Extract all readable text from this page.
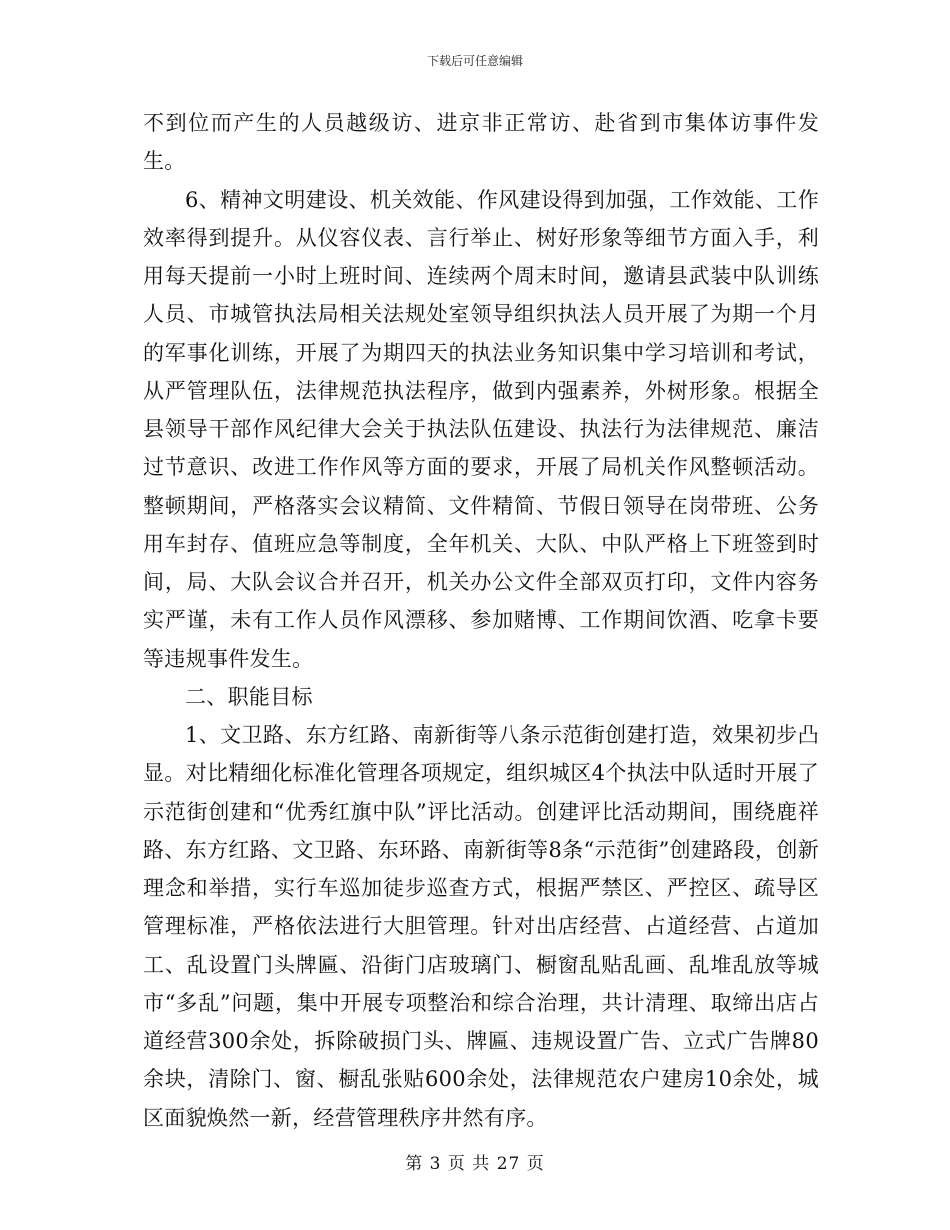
下载后可任意编辑

不到位而产生的人员越级访、进京非正常访、赴省到市集体访事件发生。

6、精神文明建设、机关效能、作风建设得到加强，工作效能、工作效率得到提升。从仪容仪表、言行举止、树好形象等细节方面入手，利用每天提前一小时上班时间、连续两个周末时间，邀请县武装中队训练人员、市城管执法局相关法规处室领导组织执法人员开展了为期一个月的军事化训练，开展了为期四天的执法业务知识集中学习培训和考试，从严管理队伍，法律规范执法程序，做到内强素养，外树形象。根据全县领导干部作风纪律大会关于执法队伍建设、执法行为法律规范、廉洁过节意识、改进工作作风等方面的要求，开展了局机关作风整顿活动。整顿期间，严格落实会议精简、文件精简、节假日领导在岗带班、公务用车封存、值班应急等制度，全年机关、大队、中队严格上下班签到时间，局、大队会议合并召开，机关办公文件全部双页打印，文件内容务实严谨，未有工作人员作风漂移、参加赌博、工作期间饮酒、吃拿卡要等违规事件发生。

二、职能目标

1、文卫路、东方红路、南新街等八条示范街创建打造，效果初步凸显。对比精细化标准化管理各项规定，组织城区4个执法中队适时开展了示范街创建和“优秀红旗中队”评比活动。创建评比活动期间，围绕鹿祥路、东方红路、文卫路、东环路、南新街等8条“示范街”创建路段，创新理念和举措，实行车巡加徒步巡查方式，根据严禁区、严控区、疏导区管理标准，严格依法进行大胆管理。针对出店经营、占道经营、占道加工、乱设置门头牌匾、沿街门店玻璃门、橱窗乱贴乱画、乱堆乱放等城市“多乱”问题，集中开展专项整治和综合治理，共计清理、取缔出店占道经营300余处，拆除破损门头、牌匾、违规设置广告、立式广告牌80余块，清除门、窗、橱乱张贴600余处，法律规范农户建房10余处，城区面貌焕然一新，经营管理秩序井然有序。

第 3 页 共 27 页
